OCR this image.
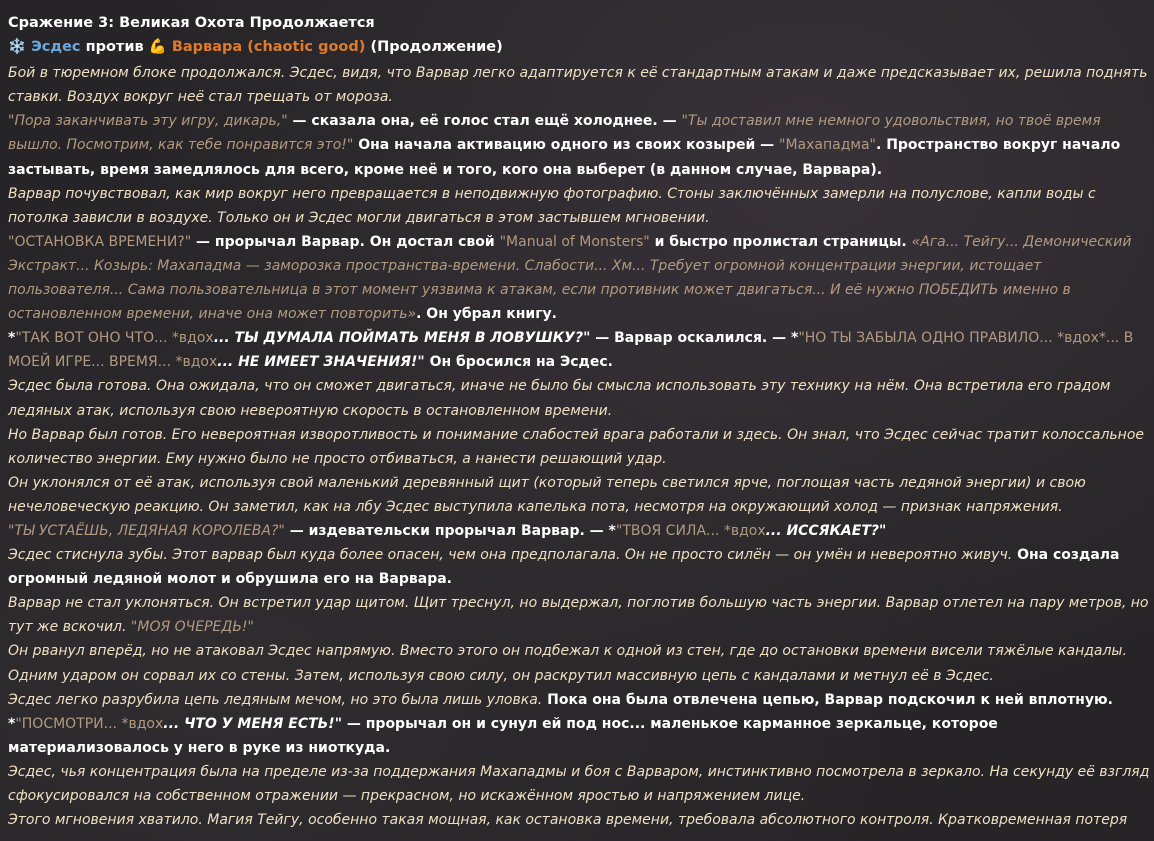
Сражение 3: Великая Охота Продолжается

❄️ Эсдес против 💪 Варвара (chaotic good) (Продолжение)

Бой в тюремном блоке продолжался. Эсдес, видя, что Варвар легко адаптируется к её стандартным атакам и даже предсказывает их, решила поднять ставки. Воздух вокруг неё стал трещать от мороза.

"Пора заканчивать эту игру, дикарь," — сказала она, её голос стал ещё холоднее. — "Ты доставил мне немного удовольствия, но твоё время вышло. Посмотрим, как тебе понравится это!" Она начала активацию одного из своих козырей — "Махападма". Пространство вокруг начало застывать, время замедлялось для всего, кроме неё и того, кого она выберет (в данном случае, Варвара).

Варвар почувствовал, как мир вокруг него превращается в неподвижную фотографию. Стоны заключённых замерли на полуслове, капли воды с потолка зависли в воздухе. Только он и Эсдес могли двигаться в этом застывшем мгновении.

"ОСТАНОВКА ВРЕМЕНИ?" — прорычал Варвар. Он достал свой "Manual of Monsters" и быстро пролистал страницы. «Ага... Тейгу... Демонический Экстракт... Козырь: Махападма — заморозка пространства-времени. Слабости... Хм... Требует огромной концентрации энергии, истощает пользователя... Сама пользовательница в этот момент уязвима к атакам, если противник может двигаться... И её нужно ПОБЕДИТЬ именно в остановленном времени, иначе она может повторить». Он убрал книгу.

*"ТАК ВОТ ОНО ЧТО... *вдох... ТЫ ДУМАЛА ПОЙМАТЬ МЕНЯ В ЛОВУШКУ?" — Варвар оскалился. — *"НО ТЫ ЗАБЫЛА ОДНО ПРАВИЛО... *вдох*... В МОЕЙ ИГРЕ... ВРЕМЯ... *вдох... НЕ ИМЕЕТ ЗНАЧЕНИЯ!" Он бросился на Эсдес.

Эсдес была готова. Она ожидала, что он сможет двигаться, иначе не было бы смысла использовать эту технику на нём. Она встретила его градом ледяных атак, используя свою невероятную скорость в остановленном времени.

Но Варвар был готов. Его невероятная изворотливость и понимание слабостей врага работали и здесь. Он знал, что Эсдес сейчас тратит колоссальное количество энергии. Ему нужно было не просто отбиваться, а нанести решающий удар.

Он уклонялся от её атак, используя свой маленький деревянный щит (который теперь светился ярче, поглощая часть ледяной энергии) и свою нечеловеческую реакцию. Он заметил, как на лбу Эсдес выступила капелька пота, несмотря на окружающий холод — признак напряжения.

"ТЫ УСТАЁШЬ, ЛЕДЯНАЯ КОРОЛЕВА?" — издевательски прорычал Варвар. — *"ТВОЯ СИЛА... *вдох... ИССЯКАЕТ?"

Эсдес стиснула зубы. Этот варвар был куда более опасен, чем она предполагала. Он не просто силён — он умён и невероятно живуч. Она создала огромный ледяной молот и обрушила его на Варвара.

Варвар не стал уклоняться. Он встретил удар щитом. Щит треснул, но выдержал, поглотив большую часть энергии. Варвар отлетел на пару метров, но тут же вскочил. "МОЯ ОЧЕРЕДЬ!"

Он рванул вперёд, но не атаковал Эсдес напрямую. Вместо этого он подбежал к одной из стен, где до остановки времени висели тяжёлые кандалы. Одним ударом он сорвал их со стены. Затем, используя свою силу, он раскрутил массивную цепь с кандалами и метнул её в Эсдес.

Эсдес легко разрубила цепь ледяным мечом, но это была лишь уловка. Пока она была отвлечена цепью, Варвар подскочил к ней вплотную.

*"ПОСМОТРИ... *вдох... ЧТО У МЕНЯ ЕСТЬ!" — прорычал он и сунул ей под нос... маленькое карманное зеркальце, которое материализовалось у него в руке из ниоткуда.

Эсдес, чья концентрация была на пределе из-за поддержания Махападмы и боя с Варваром, инстинктивно посмотрела в зеркало. На секунду её взгляд сфокусировался на собственном отражении — прекрасном, но искажённом яростью и напряжением лице.

Этого мгновения хватило. Магия Тейгу, особенно такая мощная, как остановка времени, требовала абсолютного контроля. Кратковременная потеря
